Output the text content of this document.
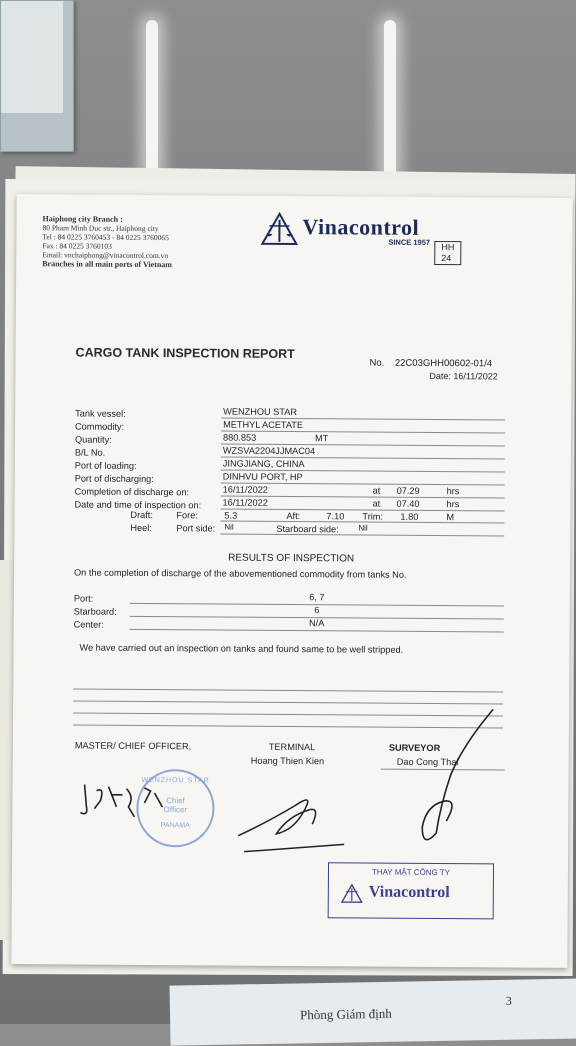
Phòng Giám định
3
Haiphong city Branch :
80 Pham Minh Duc str., Haiphong city
Tel : 84 0225 3760453 - 84 0225 3760065
Fax : 84 0225 3760103
Email: vnchaiphong@vinacontrol.com.vn
Branches in all main ports of Vietnam
Vinacontrol
SINCE 1957	HH 24
CARGO TANK INSPECTION REPORT
No. 22C03GHH00602-01/4
Date: 16/11/2022
Tank vessel:	WENZHOU STAR
Commodity:	METHYL ACETATE
Quantity:	880.853	MT
B/L No.	WZSVA2204JJMAC04
Port of loading:	JINGJIANG, CHINA
Port of discharging:	DINHVU PORT, HP
Completion of discharge on:	16/11/2022	at 07.29	hrs
Date and time of inspection on: 16/11/2022	at 07.40	hrs
Draft:	Fore:	5.3	Aft:	7.10 Trim: 1.80	M
Heel:	Port side: Nil	Starboard side: Nil
RESULTS OF INSPECTION
On the completion of discharge of the abovementioned commodity from tanks No.
Port:	6, 7
Starboard:	6
Center:	N/A
We have carried out an inspection on tanks and found same to be well stripped.
MASTER/ CHIEF OFFICER,	TERMINAL
Hoang Thien Kien
SURVEYOR
Dao Cong Thai
WENZHOU STAR
Chief Officer
PANAMA
THAY MẶT CÔNG TY
Vinacontrol
